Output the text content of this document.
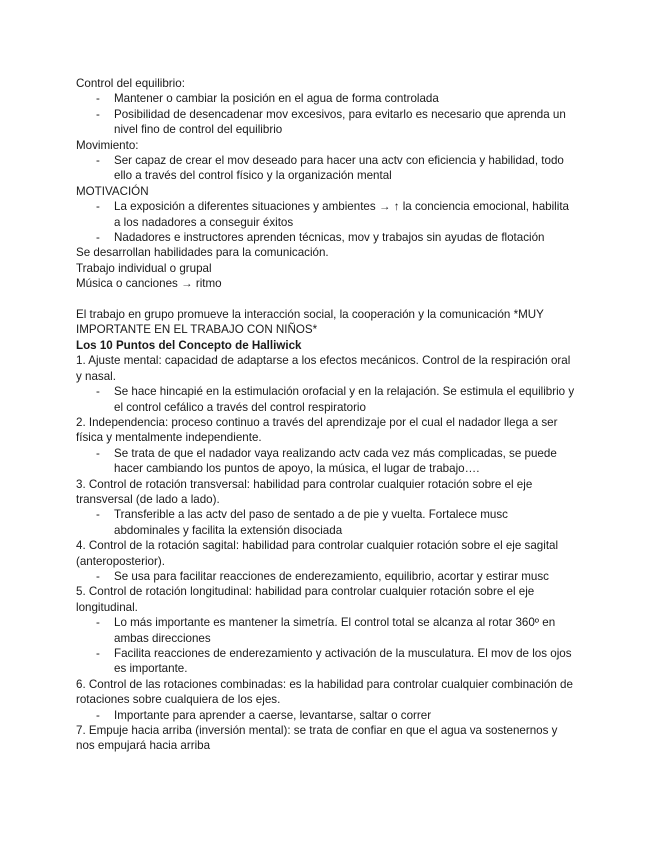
Control del equilibrio:

- Mantener o cambiar la posición en el agua de forma controlada

- Posibilidad de desencadenar mov excesivos, para evitarlo es necesario que aprenda un nivel fino de control del equilibrio

Movimiento:

- Ser capaz de crear el mov deseado para hacer una actv con eficiencia y habilidad, todo ello a través del control físico y la organización mental

MOTIVACIÓN

- La exposición a diferentes situaciones y ambientes → ↑ la conciencia emocional, habilita a los nadadores a conseguir éxitos

- Nadadores e instructores aprenden técnicas, mov y trabajos sin ayudas de flotación

Se desarrollan habilidades para la comunicación.

Trabajo individual o grupal

Música o canciones → ritmo

El trabajo en grupo promueve la interacción social, la cooperación y la comunicación *MUY IMPORTANTE EN EL TRABAJO CON NIÑOS*

Los 10 Puntos del Concepto de Halliwick

1. Ajuste mental: capacidad de adaptarse a los efectos mecánicos. Control de la respiración oral y nasal.

- Se hace hincapié en la estimulación orofacial y en la relajación. Se estimula el equilibrio y el control cefálico a través del control respiratorio

2. Independencia: proceso continuo a través del aprendizaje por el cual el nadador llega a ser física y mentalmente independiente.

- Se trata de que el nadador vaya realizando actv cada vez más complicadas, se puede hacer cambiando los puntos de apoyo, la música, el lugar de trabajo….

3. Control de rotación transversal: habilidad para controlar cualquier rotación sobre el eje transversal (de lado a lado).

- Transferible a las actv del paso de sentado a de pie y vuelta. Fortalece musc abdominales y facilita la extensión disociada

4. Control de la rotación sagital: habilidad para controlar cualquier rotación sobre el eje sagital (anteroposterior).

- Se usa para facilitar reacciones de enderezamiento, equilibrio, acortar y estirar musc

5. Control de rotación longitudinal: habilidad para controlar cualquier rotación sobre el eje longitudinal.

- Lo más importante es mantener la simetría. El control total se alcanza al rotar 360º en ambas direcciones

- Facilita reacciones de enderezamiento y activación de la musculatura. El mov de los ojos es importante.

6. Control de las rotaciones combinadas: es la habilidad para controlar cualquier combinación de rotaciones sobre cualquiera de los ejes.

- Importante para aprender a caerse, levantarse, saltar o correr

7. Empuje hacia arriba (inversión mental): se trata de confiar en que el agua va sostenernos y nos empujará hacia arriba
